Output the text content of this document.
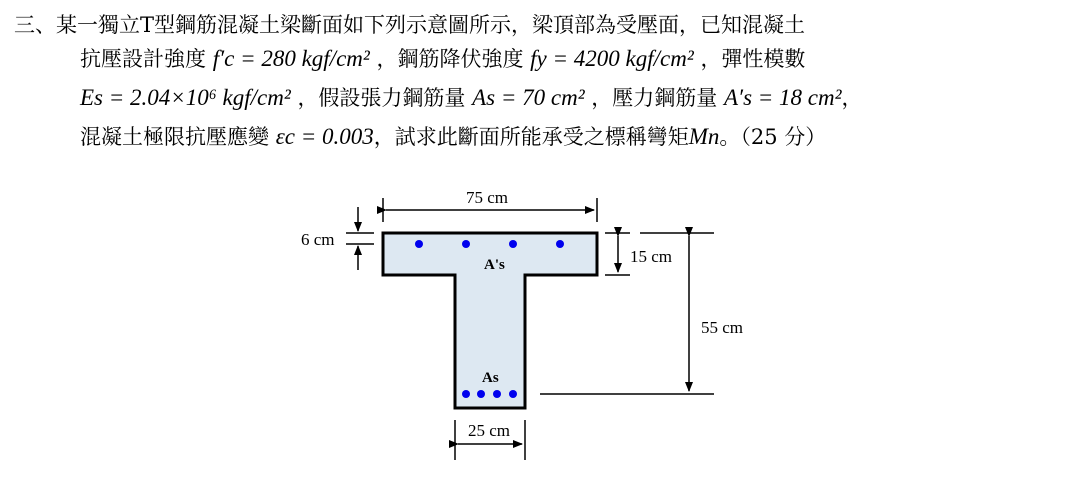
三、某一獨立T型鋼筋混凝土梁斷面如下列示意圖所示，梁頂部為受壓面，已知混凝土
抗壓設計強度 f′c = 280 kgf/cm² ，鋼筋降伏強度 fy = 4200 kgf/cm² ，彈性模數
Es = 2.04×10⁶ kgf/cm² ，假設張力鋼筋量 As = 70 cm² ，壓力鋼筋量 A′s = 18 cm²，
混凝土極限抗壓應變 εc = 0.003，試求此斷面所能承受之標稱彎矩Mn。（25 分）
A's
As
75 cm
6 cm
15 cm
55 cm
25 cm
